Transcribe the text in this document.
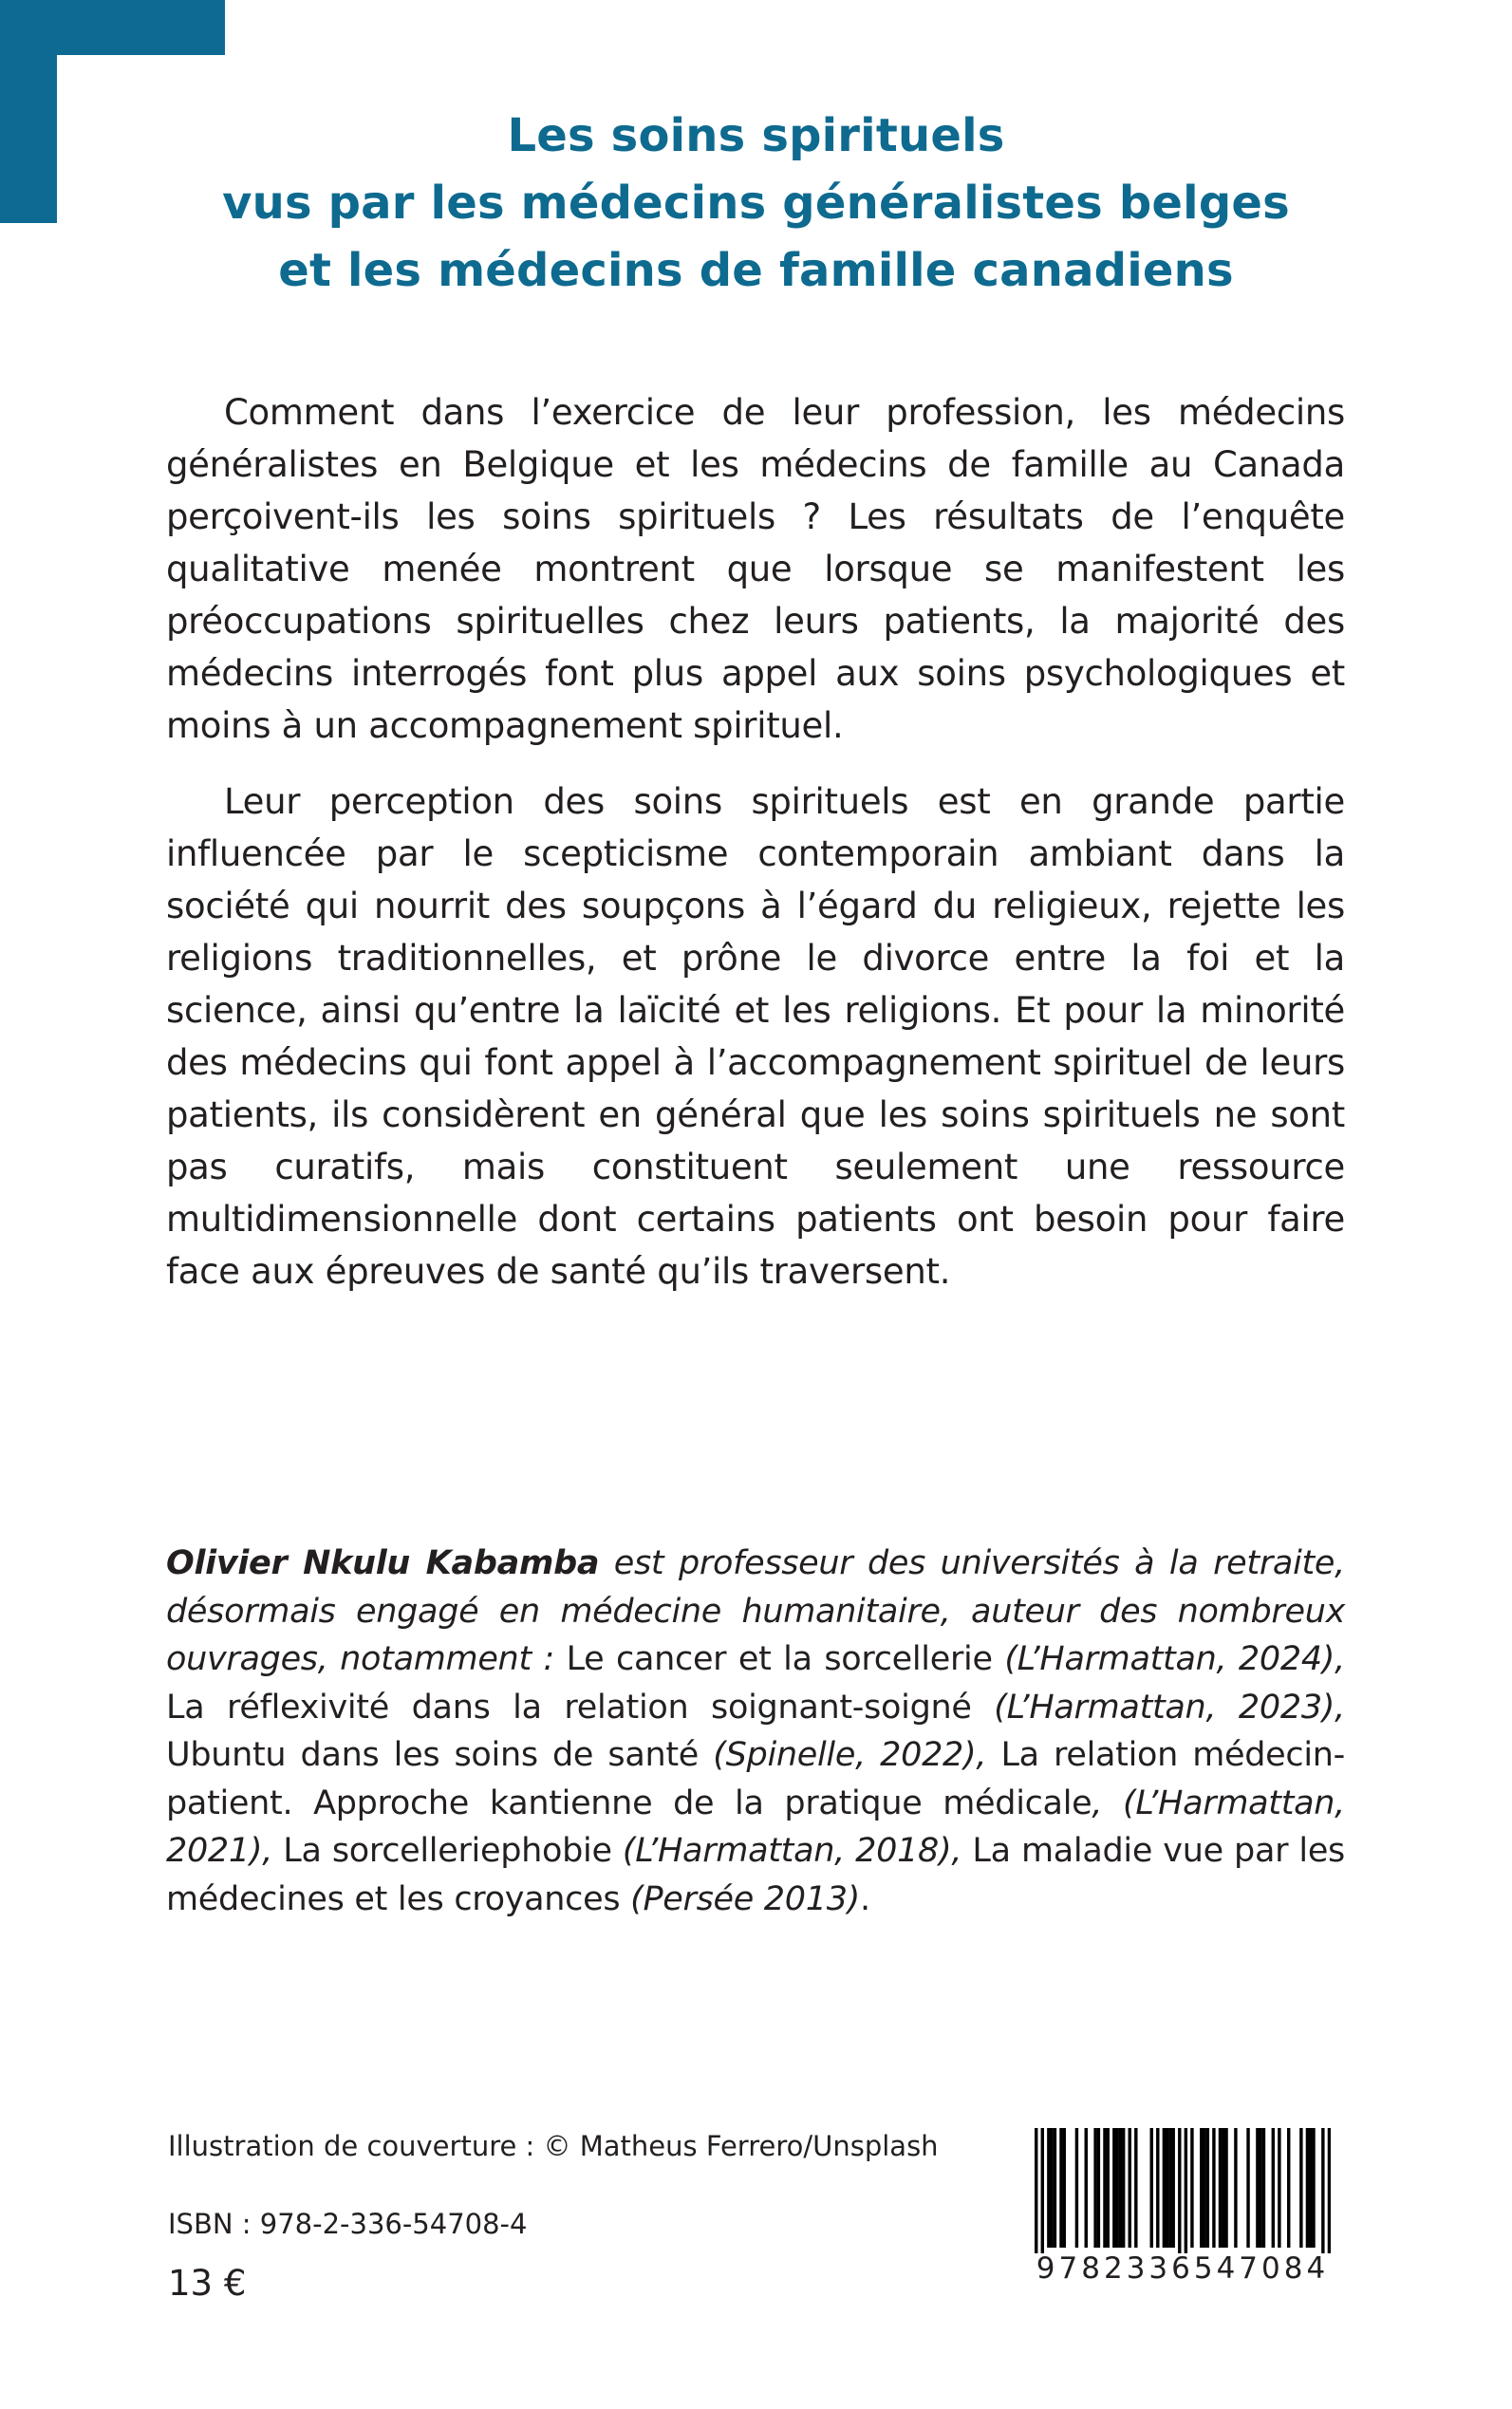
Les soins spirituels
vus par les médecins généralistes belges
et les médecins de famille canadiens

Comment dans l’exercice de leur profession, les médecins généralistes en Belgique et les médecins de famille au Canada perçoivent-ils les soins spirituels ? Les résultats de l’enquête qualitative menée montrent que lorsque se manifestent les préoccupations spirituelles chez leurs patients, la majorité des médecins interrogés font plus appel aux soins psychologiques et moins à un accompagnement spirituel.

Leur perception des soins spirituels est en grande partie influencée par le scepticisme contemporain ambiant dans la société qui nourrit des soupçons à l’égard du religieux, rejette les religions traditionnelles, et prône le divorce entre la foi et la science, ainsi qu’entre la laïcité et les religions. Et pour la minorité des médecins qui font appel à l’accompagnement spirituel de leurs patients, ils considèrent en général que les soins spirituels ne sont pas curatifs, mais constituent seulement une ressource multidimensionnelle dont certains patients ont besoin pour faire face aux épreuves de santé qu’ils traversent.

Olivier Nkulu Kabamba est professeur des universités à la retraite, désormais engagé en médecine humanitaire, auteur des nombreux ouvrages, notamment : Le cancer et la sorcellerie (L’Harmattan, 2024), La réflexivité dans la relation soignant-soigné (L’Harmattan, 2023), Ubuntu dans les soins de santé (Spinelle, 2022), La relation médecin-patient. Approche kantienne de la pratique médicale, (L’Harmattan, 2021), La sorcelleriephobie (L’Harmattan, 2018), La maladie vue par les médecines et les croyances (Persée 2013).

Illustration de couverture : © Matheus Ferrero/Unsplash
ISBN : 978-2-336-54708-4
13 €	9782336547084
